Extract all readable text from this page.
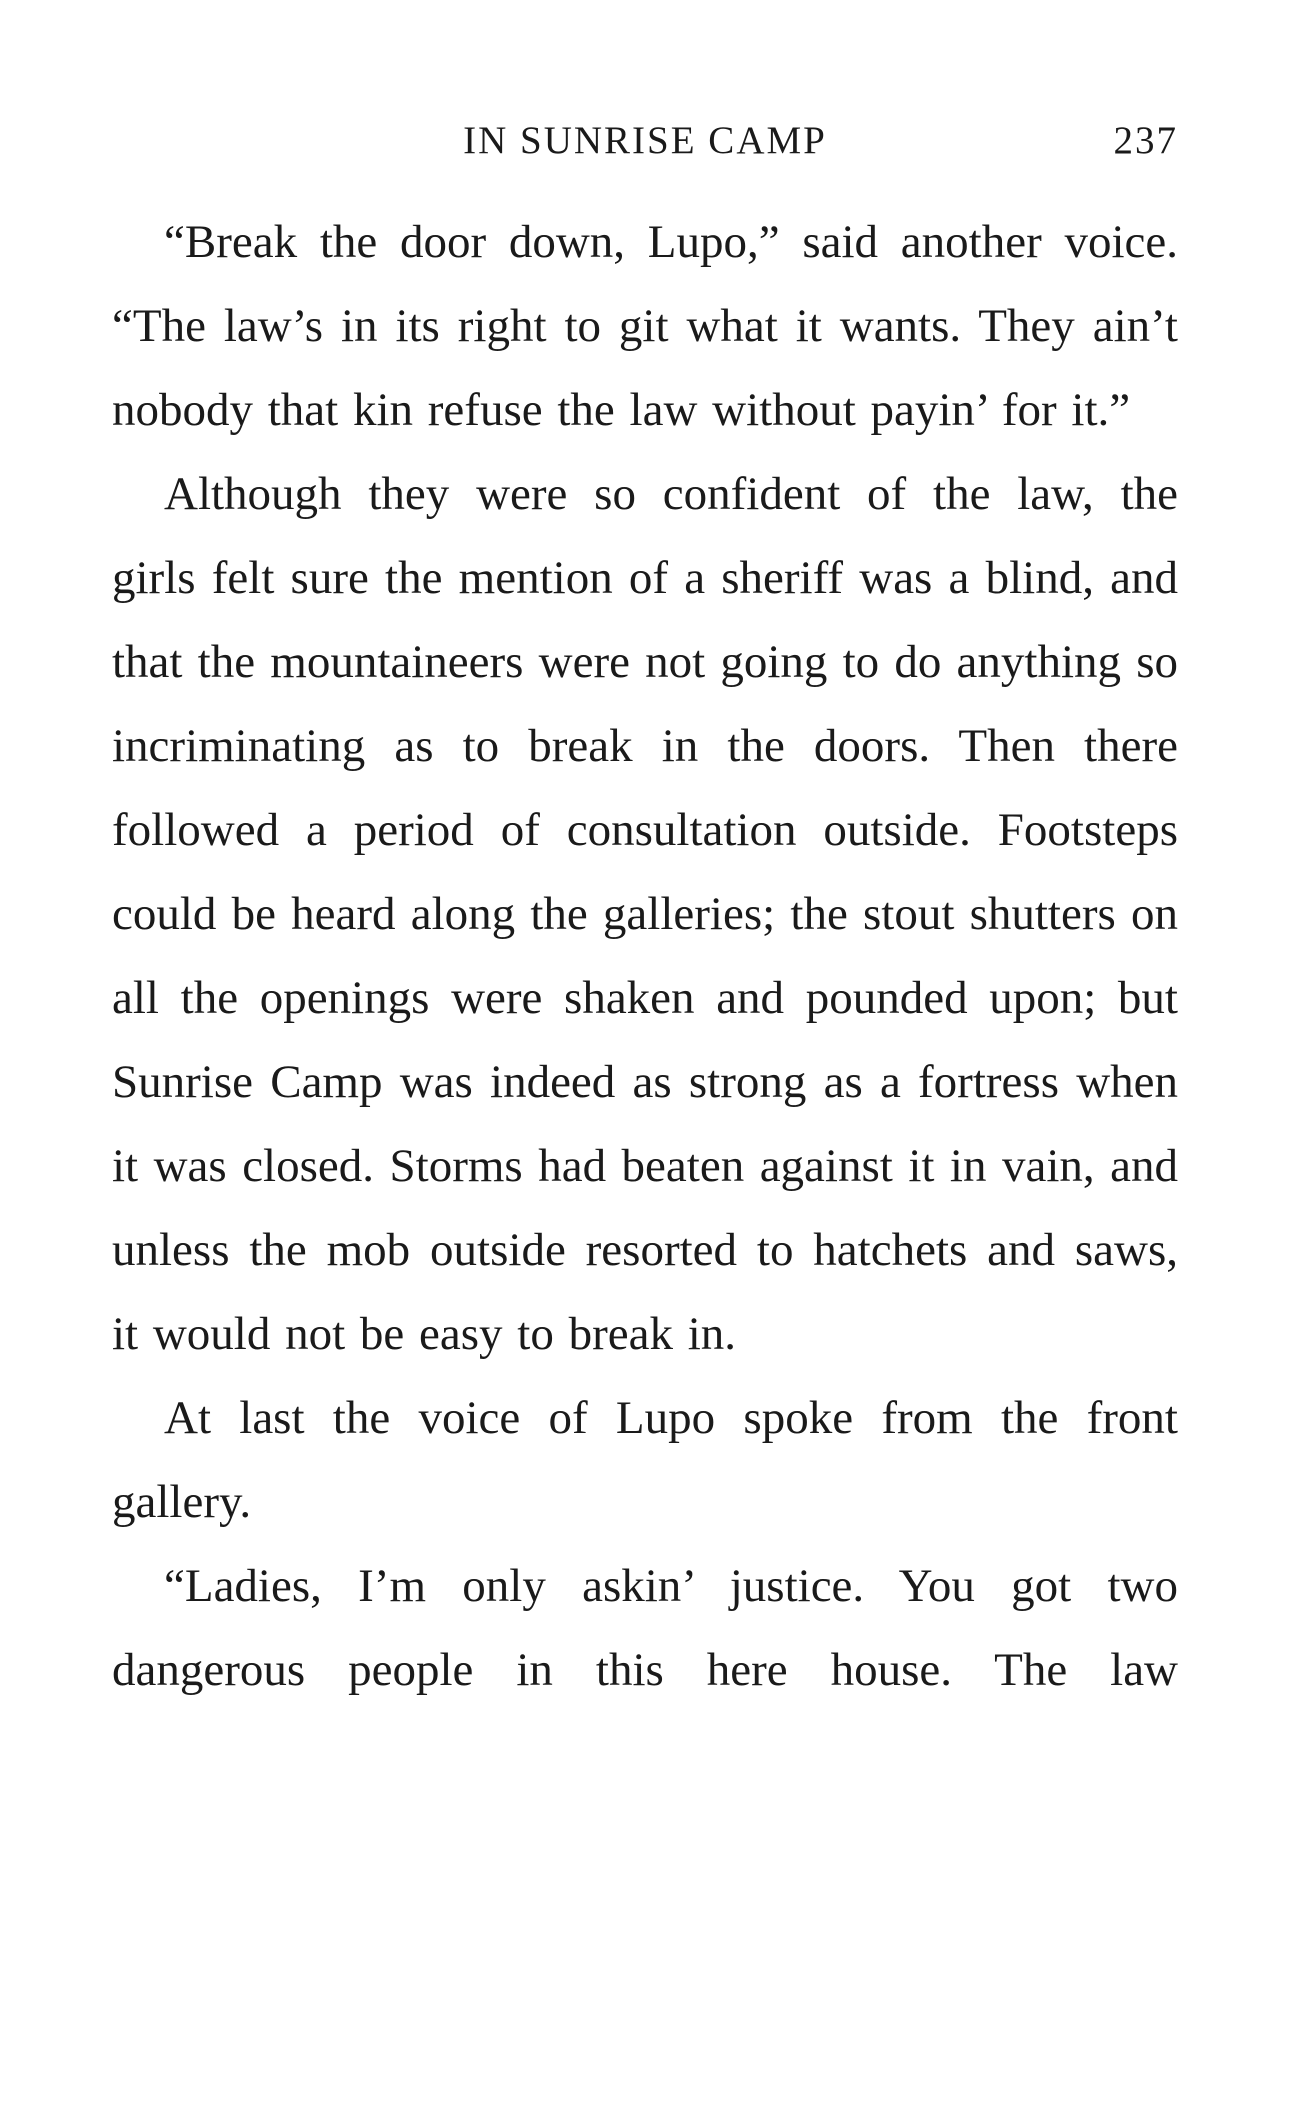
IN SUNRISE CAMP	237

“Break the door down, Lupo,” said another voice. “The law’s in its right to git what it wants. They ain’t nobody that kin refuse the law without payin’ for it.”

Although they were so confident of the law, the girls felt sure the mention of a sheriff was a blind, and that the mountaineers were not going to do anything so incriminating as to break in the doors. Then there followed a period of consultation outside. Footsteps could be heard along the galleries; the stout shutters on all the openings were shaken and pounded upon; but Sunrise Camp was indeed as strong as a fortress when it was closed. Storms had beaten against it in vain, and unless the mob outside resorted to hatchets and saws, it would not be easy to break in.

At last the voice of Lupo spoke from the front gallery.

“Ladies, I’m only askin’ justice. You got two dangerous people in this here house. The law
